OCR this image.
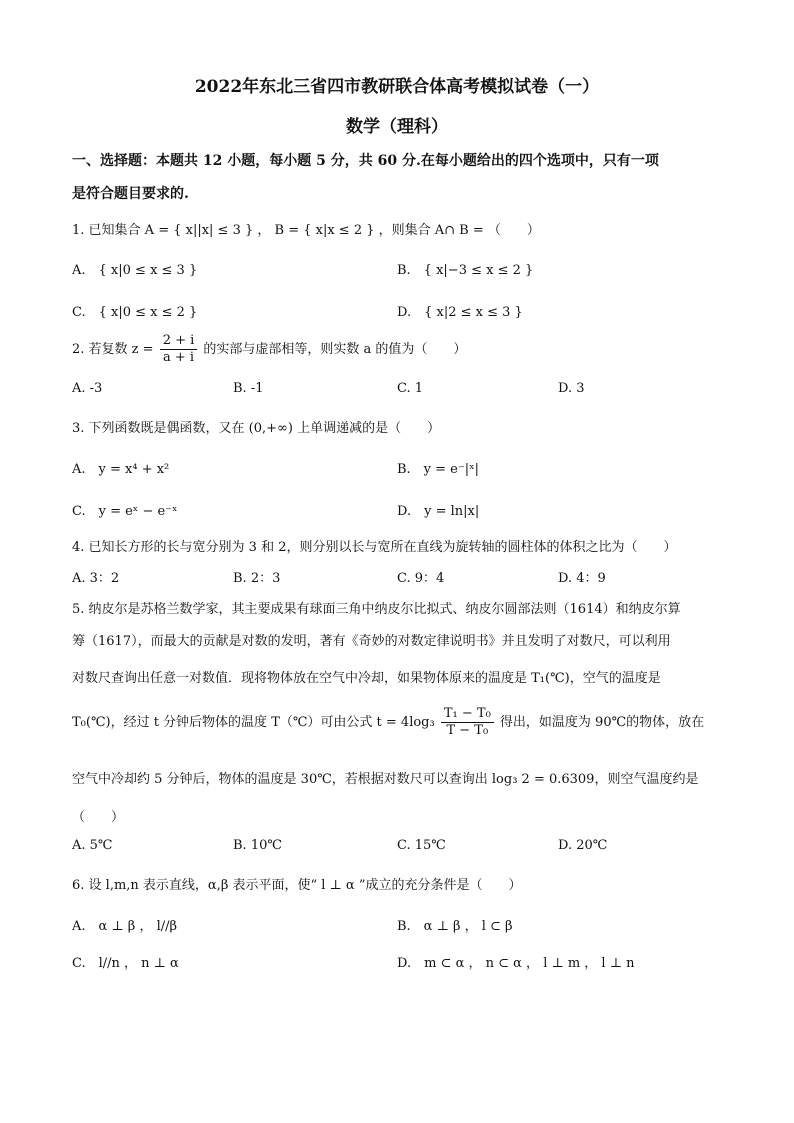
2022年东北三省四市教研联合体高考模拟试卷（一）
数学（理科）
一、选择题：本题共 12 小题，每小题 5 分，共 60 分.在每小题给出的四个选项中，只有一项
是符合题目要求的.
1. 已知集合 A = { x||x| ≤ 3 } ， B = { x|x ≤ 2 } ，则集合 A∩ B = （　　）
A.　{ x|0 ≤ x ≤ 3 }	B.　{ x|−3 ≤ x ≤ 2 }
C.　{ x|0 ≤ x ≤ 2 }	D.　{ x|2 ≤ x ≤ 3 }
2. 若复数 $z = \frac{2 + i}{a + i}$ 的实部与虚部相等，则实数 a 的值为（　　）
A. -3	B. -1	C. 1	D. 3
3. 下列函数既是偶函数，又在 (0,+∞) 上单调递减的是（　　）
A.　y = x⁴ + x²	B.　y = e⁻|ˣ|
C.　y = eˣ − e⁻ˣ	D.　y = ln|x|
4. 已知长方形的长与宽分别为 3 和 2，则分别以长与宽所在直线为旋转轴的圆柱体的体积之比为（　　）
A. 3：2	B. 2：3	C. 9：4	D. 4：9
5. 纳皮尔是苏格兰数学家，其主要成果有球面三角中纳皮尔比拟式、纳皮尔圆部法则（1614）和纳皮尔算
筹（1617），而最大的贡献是对数的发明，著有《奇妙的对数定律说明书》并且发明了对数尺，可以利用
对数尺查询出任意一对数值．现将物体放在空气中冷却，如果物体原来的温度是 T₁(℃)，空气的温度是
T₀(℃)，经过 t 分钟后物体的温度 T（℃）可由公式 $t = 4\log_3 \frac{\text{T₁ − T₀}}{\text{T − T₀}}$ 得出，如温度为 90℃的物体，放在
空气中冷却约 5 分钟后，物体的温度是 30℃，若根据对数尺可以查询出 log₃ 2 = 0.6309，则空气温度约是
（　　）
A. 5℃	B. 10℃	C. 15℃	D. 20℃
6. 设 l,m,n 表示直线，α,β 表示平面，使“ l ⊥ α ”成立的充分条件是（　　）
A.　α ⊥ β ， l//β	B.　α ⊥ β ， l ⊂ β
C.　l//n ， n ⊥ α	D.　m ⊂ α ， n ⊂ α ， l ⊥ m ， l ⊥ n
